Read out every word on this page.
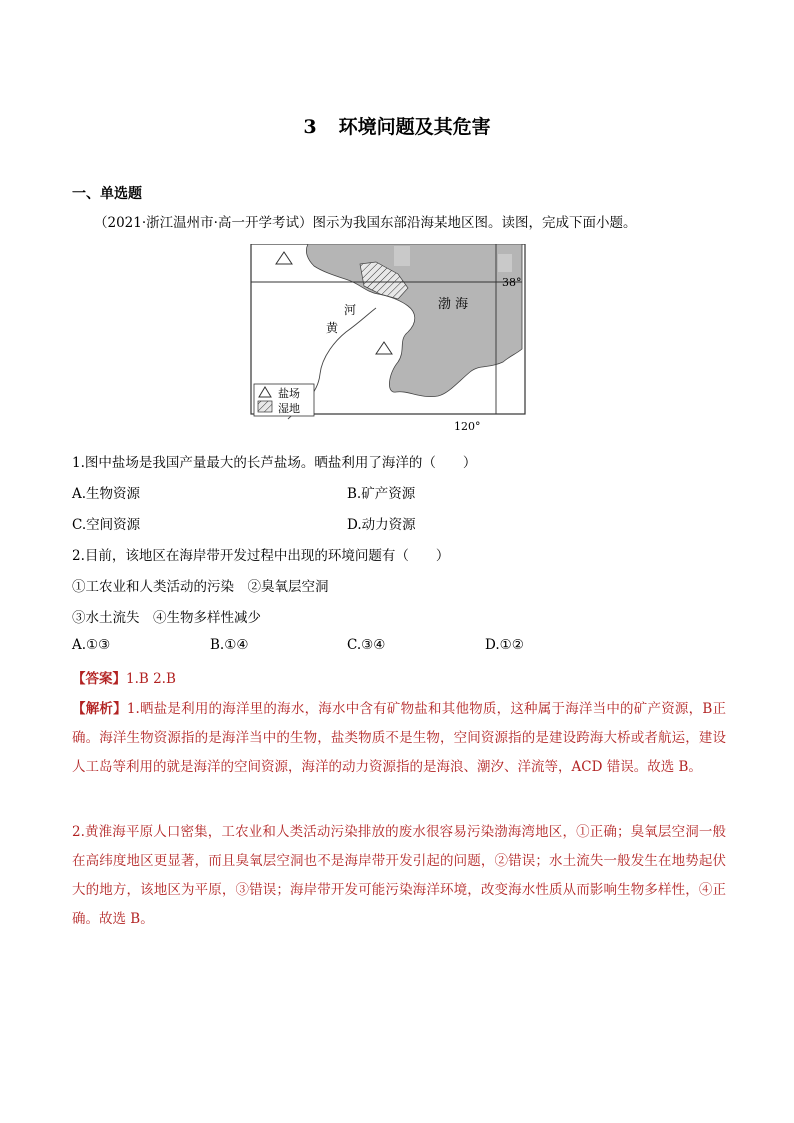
3 环境问题及其危害
一、单选题
（2021·浙江温州市·高一开学考试）图示为我国东部沿海某地区图。读图，完成下面小题。
38°
120°
河
黄
渤 海
盐场
湿地
1.图中盐场是我国产量最大的长芦盐场。晒盐利用了海洋的（　　）
A.生物资源	B.矿产资源
C.空间资源	D.动力资源
2.目前，该地区在海岸带开发过程中出现的环境问题有（　　）
①工农业和人类活动的污染　②臭氧层空洞
③水土流失　④生物多样性减少
A.①③	B.①④	C.③④	D.①②
【答案】1.B 2.B
【解析】1.晒盐是利用的海洋里的海水，海水中含有矿物盐和其他物质，这种属于海洋当中的矿产资源，B正确。海洋生物资源指的是海洋当中的生物，盐类物质不是生物，空间资源指的是建设跨海大桥或者航运，建设人工岛等利用的就是海洋的空间资源，海洋的动力资源指的是海浪、潮汐、洋流等，ACD 错误。故选 B。
2.黄淮海平原人口密集，工农业和人类活动污染排放的废水很容易污染渤海湾地区，①正确；臭氧层空洞一般在高纬度地区更显著，而且臭氧层空洞也不是海岸带开发引起的问题，②错误；水土流失一般发生在地势起伏大的地方，该地区为平原，③错误；海岸带开发可能污染海洋环境，改变海水性质从而影响生物多样性，④正确。故选 B。
